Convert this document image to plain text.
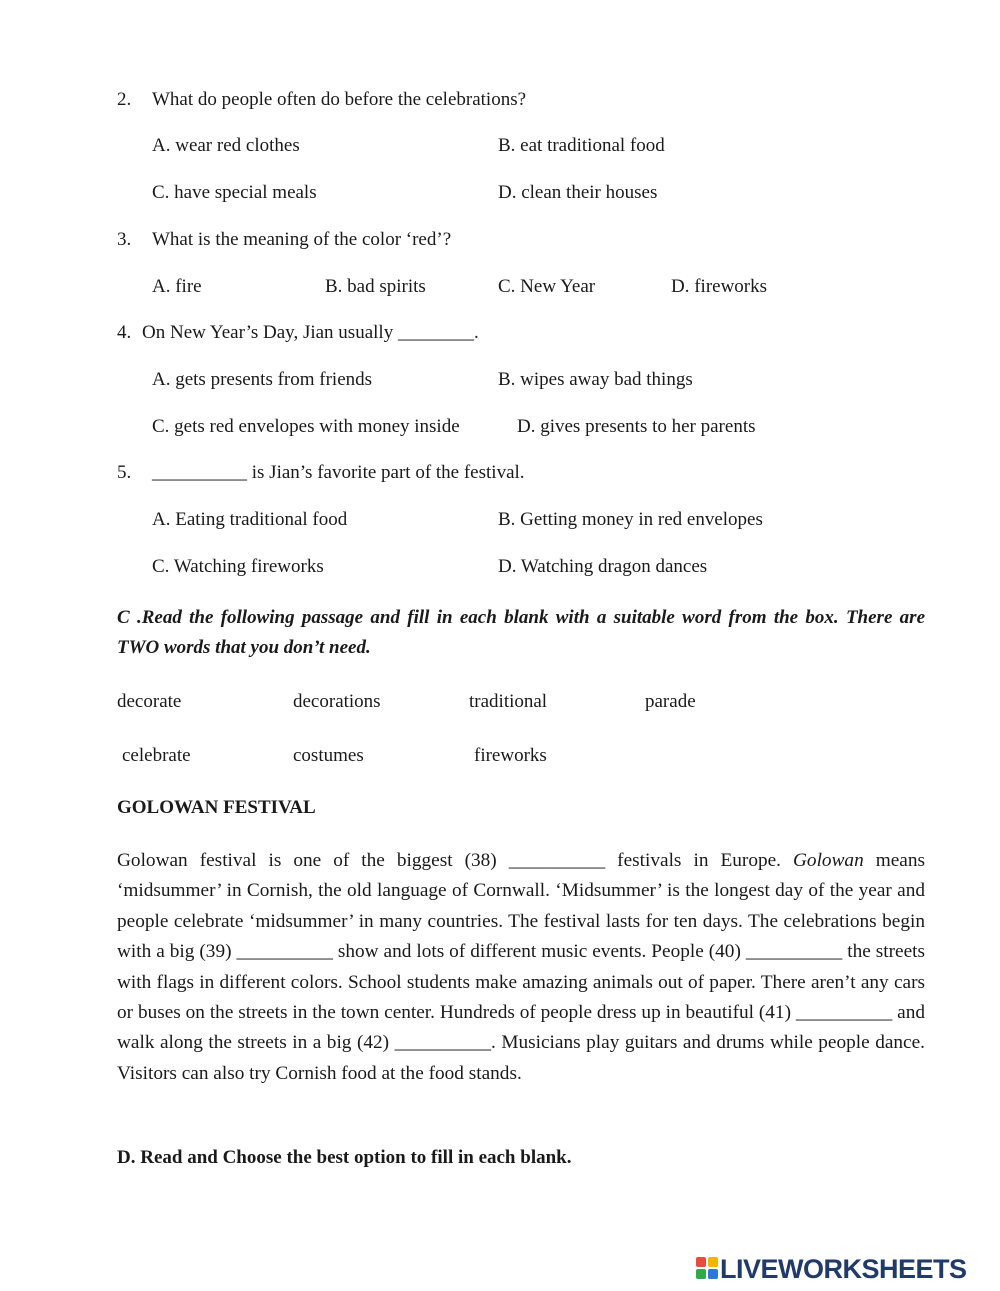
2. What do people often do before the celebrations?
A. wear red clothes	B. eat traditional food
C. have special meals	D. clean their houses
3. What is the meaning of the color ‘red’?
A. fire	B. bad spirits	C. New Year	D. fireworks
4. On New Year’s Day, Jian usually ________.
A. gets presents from friends	B. wipes away bad things
C. gets red envelopes with money inside	D. gives presents to her parents
5. __________ is Jian’s favorite part of the festival.
A. Eating traditional food	B. Getting money in red envelopes
C. Watching fireworks	D. Watching dragon dances
C .Read the following passage and fill in each blank with a suitable word from the box. There are TWO words that you don’t need.
decorate	decorations	traditional	parade
celebrate	costumes	fireworks
GOLOWAN FESTIVAL
Golowan festival is one of the biggest (38) __________ festivals in Europe. Golowan means ‘midsummer’ in Cornish, the old language of Cornwall. ‘Midsummer’ is the longest day of the year and people celebrate ‘midsummer’ in many countries. The festival lasts for ten days. The celebrations begin with a big (39) __________ show and lots of different music events. People (40) __________ the streets with flags in different colors. School students make amazing animals out of paper. There aren’t any cars or buses on the streets in the town center. Hundreds of people dress up in beautiful (41) __________ and walk along the streets in a big (42) __________. Musicians play guitars and drums while people dance. Visitors can also try Cornish food at the food stands.
D. Read and Choose the best option to fill in each blank.
LIVEWORKSHEETS
